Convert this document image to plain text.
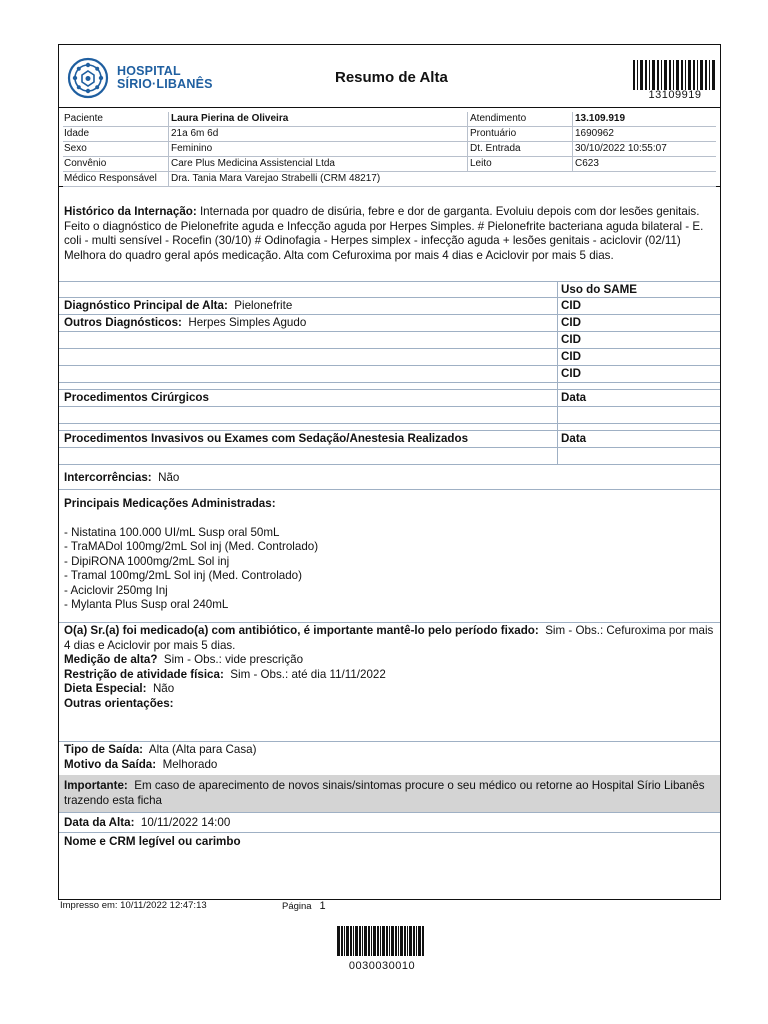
HOSPITAL
SÍRIO·LIBANÊS	Resumo de Alta
13109919
Paciente	Laura Pierina de Oliveira	Atendimento	13.109.919
Idade	21a 6m 6d	Prontuário	1690962
Sexo	Feminino	Dt. Entrada	30/10/2022 10:55:07
Convênio	Care Plus Medicina Assistencial Ltda	Leito	C623
Médico Responsável	Dra. Tania Mara Varejao Strabelli (CRM 48217)
Histórico da Internação: Internada por quadro de disúria, febre e dor de garganta. Evoluiu depois com dor lesões genitais. Feito o diagnóstico de Pielonefrite aguda e Infecção aguda por Herpes Simples. # Pielonefrite bacteriana aguda bilateral - E. coli - multi sensível - Rocefin (30/10) # Odinofagia - Herpes simplex - infecção aguda + lesões genitais - aciclovir (02/11) Melhora do quadro geral após medicação. Alta com Cefuroxima por mais 4 dias e Aciclovir por mais 5 dias.
Uso do SAME
Diagnóstico Principal de Alta: Pielonefrite	CID
Outros Diagnósticos: Herpes Simples Agudo	CID
CID
CID
CID
Procedimentos Cirúrgicos	Data
Procedimentos Invasivos ou Exames com Sedação/Anestesia Realizados	Data
Intercorrências: Não
Principais Medicações Administradas:
- Nistatina 100.000 UI/mL Susp oral 50mL
- TraMADol 100mg/2mL Sol inj (Med. Controlado)
- DipiRONA 1000mg/2mL Sol inj
- Tramal 100mg/2mL Sol inj (Med. Controlado)
- Aciclovir 250mg Inj
- Mylanta Plus Susp oral 240mL
O(a) Sr.(a) foi medicado(a) com antibiótico, é importante mantê-lo pelo período fixado: Sim - Obs.: Cefuroxima por mais 4 dias e Aciclovir por mais 5 dias.
Medição de alta? Sim - Obs.: vide prescrição
Restrição de atividade física: Sim - Obs.: até dia 11/11/2022
Dieta Especial: Não
Outras orientações:
Tipo de Saída: Alta (Alta para Casa)
Motivo da Saída: Melhorado
Importante: Em caso de aparecimento de novos sinais/sintomas procure o seu médico ou retorne ao Hospital Sírio Libanês trazendo esta ficha
Data da Alta: 10/11/2022 14:00
Nome e CRM legível ou carimbo
Impresso em: 10/11/2022 12:47:13	Página 1
0030030010
